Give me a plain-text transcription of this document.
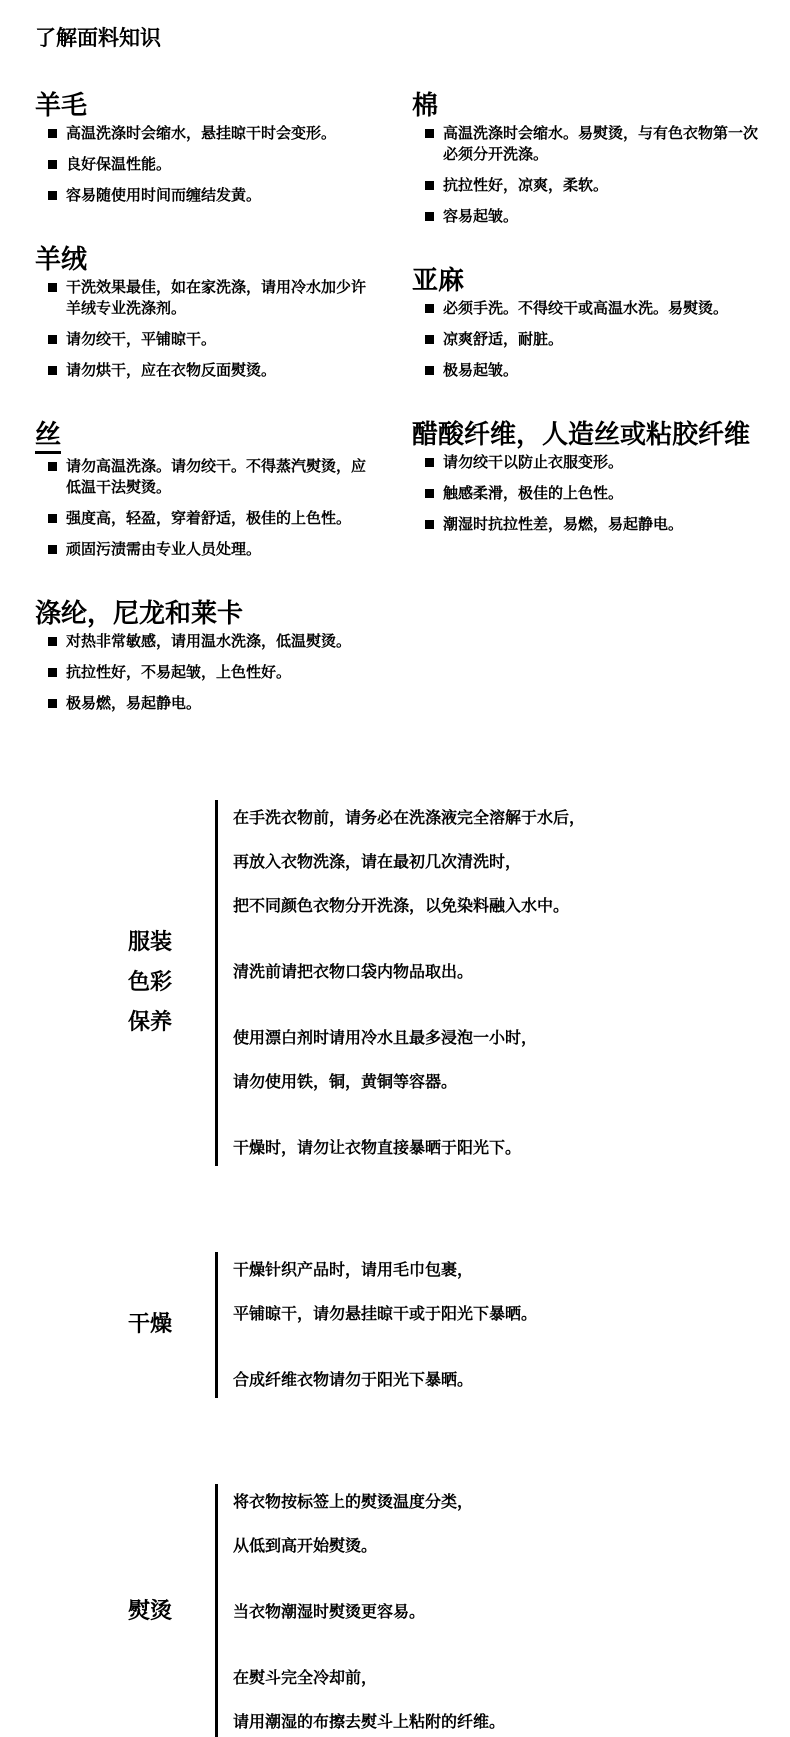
了解面料知识
羊毛
高温洗涤时会缩水，悬挂晾干时会变形。
良好保温性能。
容易随使用时间而缠结发黄。
羊绒
干洗效果最佳，如在家洗涤，请用冷水加少许羊绒专业洗涤剂。
请勿绞干，平铺晾干。
请勿烘干，应在衣物反面熨烫。
丝
请勿高温洗涤。请勿绞干。不得蒸汽熨烫，应低温干法熨烫。
强度高，轻盈，穿着舒适，极佳的上色性。
顽固污渍需由专业人员处理。
涤纶，尼龙和莱卡
对热非常敏感，请用温水洗涤，低温熨烫。
抗拉性好，不易起皱，上色性好。
极易燃，易起静电。
棉
高温洗涤时会缩水。易熨烫，与有色衣物第一次必须分开洗涤。
抗拉性好，凉爽，柔软。
容易起皱。
亚麻
必须手洗。不得绞干或高温水洗。易熨烫。
凉爽舒适，耐脏。
极易起皱。
醋酸纤维，人造丝或粘胶纤维
请勿绞干以防止衣服变形。
触感柔滑，极佳的上色性。
潮湿时抗拉性差，易燃，易起静电。
服装
色彩
保养
在手洗衣物前，请务必在洗涤液完全溶解于水后，
再放入衣物洗涤，请在最初几次清洗时，
把不同颜色衣物分开洗涤，以免染料融入水中。
清洗前请把衣物口袋内物品取出。
使用漂白剂时请用冷水且最多浸泡一小时，
请勿使用铁，铜，黄铜等容器。
干燥时，请勿让衣物直接暴晒于阳光下。
干燥
干燥针织产品时，请用毛巾包裹，
平铺晾干，请勿悬挂晾干或于阳光下暴晒。
合成纤维衣物请勿于阳光下暴晒。
熨烫
将衣物按标签上的熨烫温度分类，
从低到高开始熨烫。
当衣物潮湿时熨烫更容易。
在熨斗完全冷却前，
请用潮湿的布擦去熨斗上粘附的纤维。
